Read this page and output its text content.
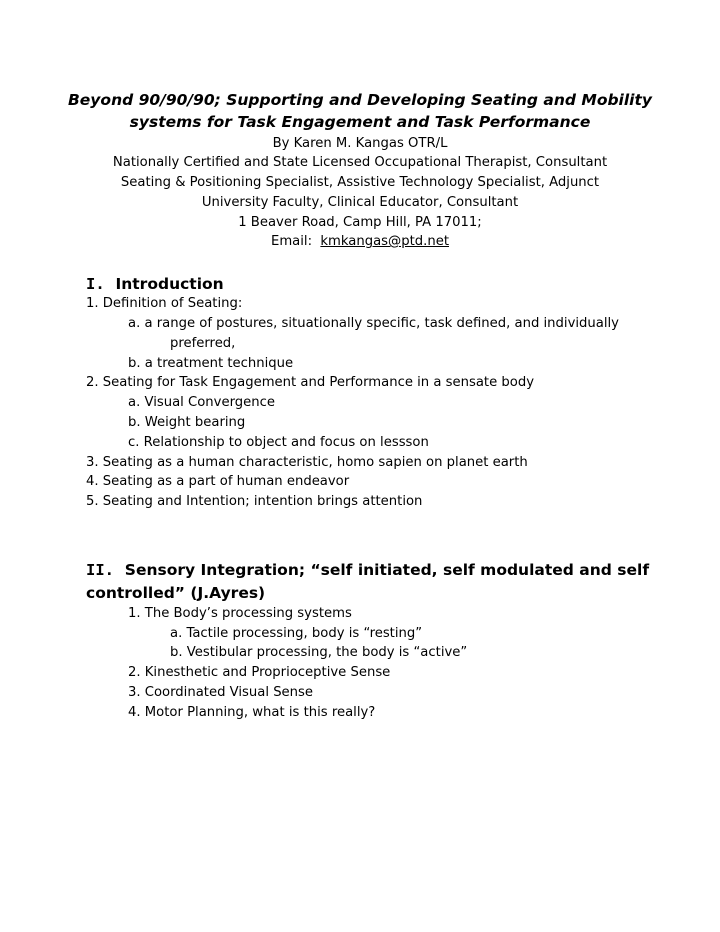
Beyond 90/90/90; Supporting and Developing Seating and Mobility
systems for Task Engagement and Task Performance
By Karen M. Kangas OTR/L
Nationally Certified and State Licensed Occupational Therapist, Consultant
Seating & Positioning Specialist, Assistive Technology Specialist, Adjunct
University Faculty, Clinical Educator, Consultant
1 Beaver Road, Camp Hill, PA 17011;
Email: kmkangas@ptd.net
I. Introduction
1. Definition of Seating:
a. a range of postures, situationally specific, task defined, and individually
preferred,
b. a treatment technique
2. Seating for Task Engagement and Performance in a sensate body
a. Visual Convergence
b. Weight bearing
c. Relationship to object and focus on lessson
3. Seating as a human characteristic, homo sapien on planet earth
4. Seating as a part of human endeavor
5. Seating and Intention; intention brings attention
II. Sensory Integration; “self initiated, self modulated and self
controlled” (J.Ayres)
1. The Body’s processing systems
a. Tactile processing, body is “resting”
b. Vestibular processing, the body is “active”
2. Kinesthetic and Proprioceptive Sense
3. Coordinated Visual Sense
4. Motor Planning, what is this really?
